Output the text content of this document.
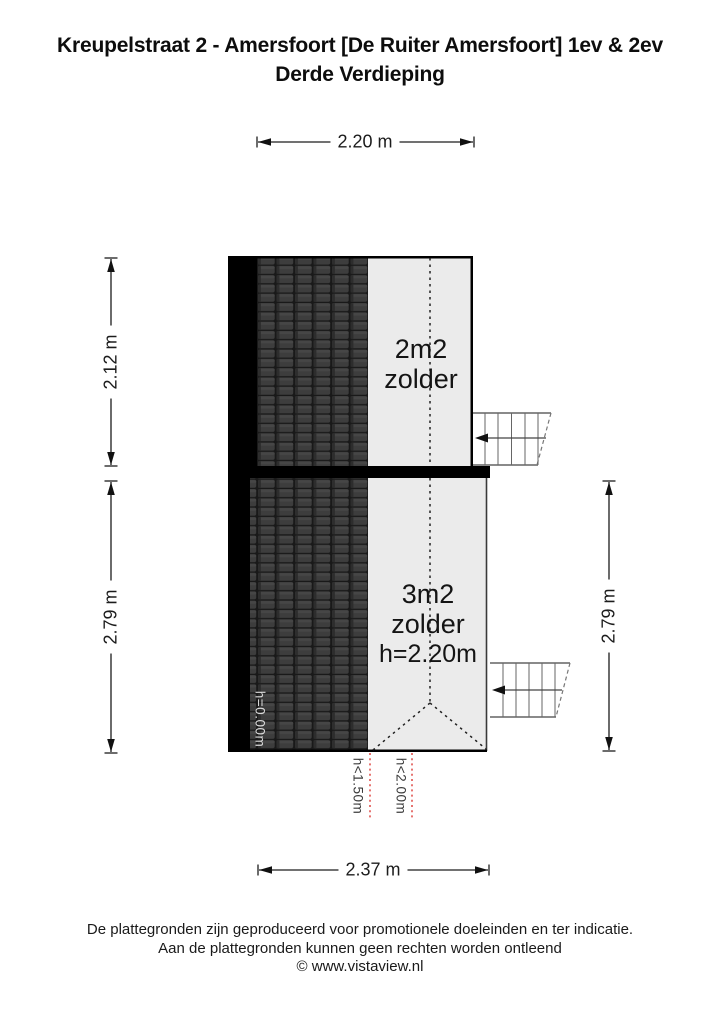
Kreupelstraat 2 - Amersfoort [De Ruiter Amersfoort] 1ev & 2ev
Derde Verdieping
2.20 m
2.12 m
2.79 m	2.79 m
2.37 m
2m2
zolder
3m2
zolder
h=2.20m
h=0.00m
h<1.50m h<2.00m
De plattegronden zijn geproduceerd voor promotionele doeleinden en ter indicatie.
Aan de plattegronden kunnen geen rechten worden ontleend
© www.vistaview.nl
